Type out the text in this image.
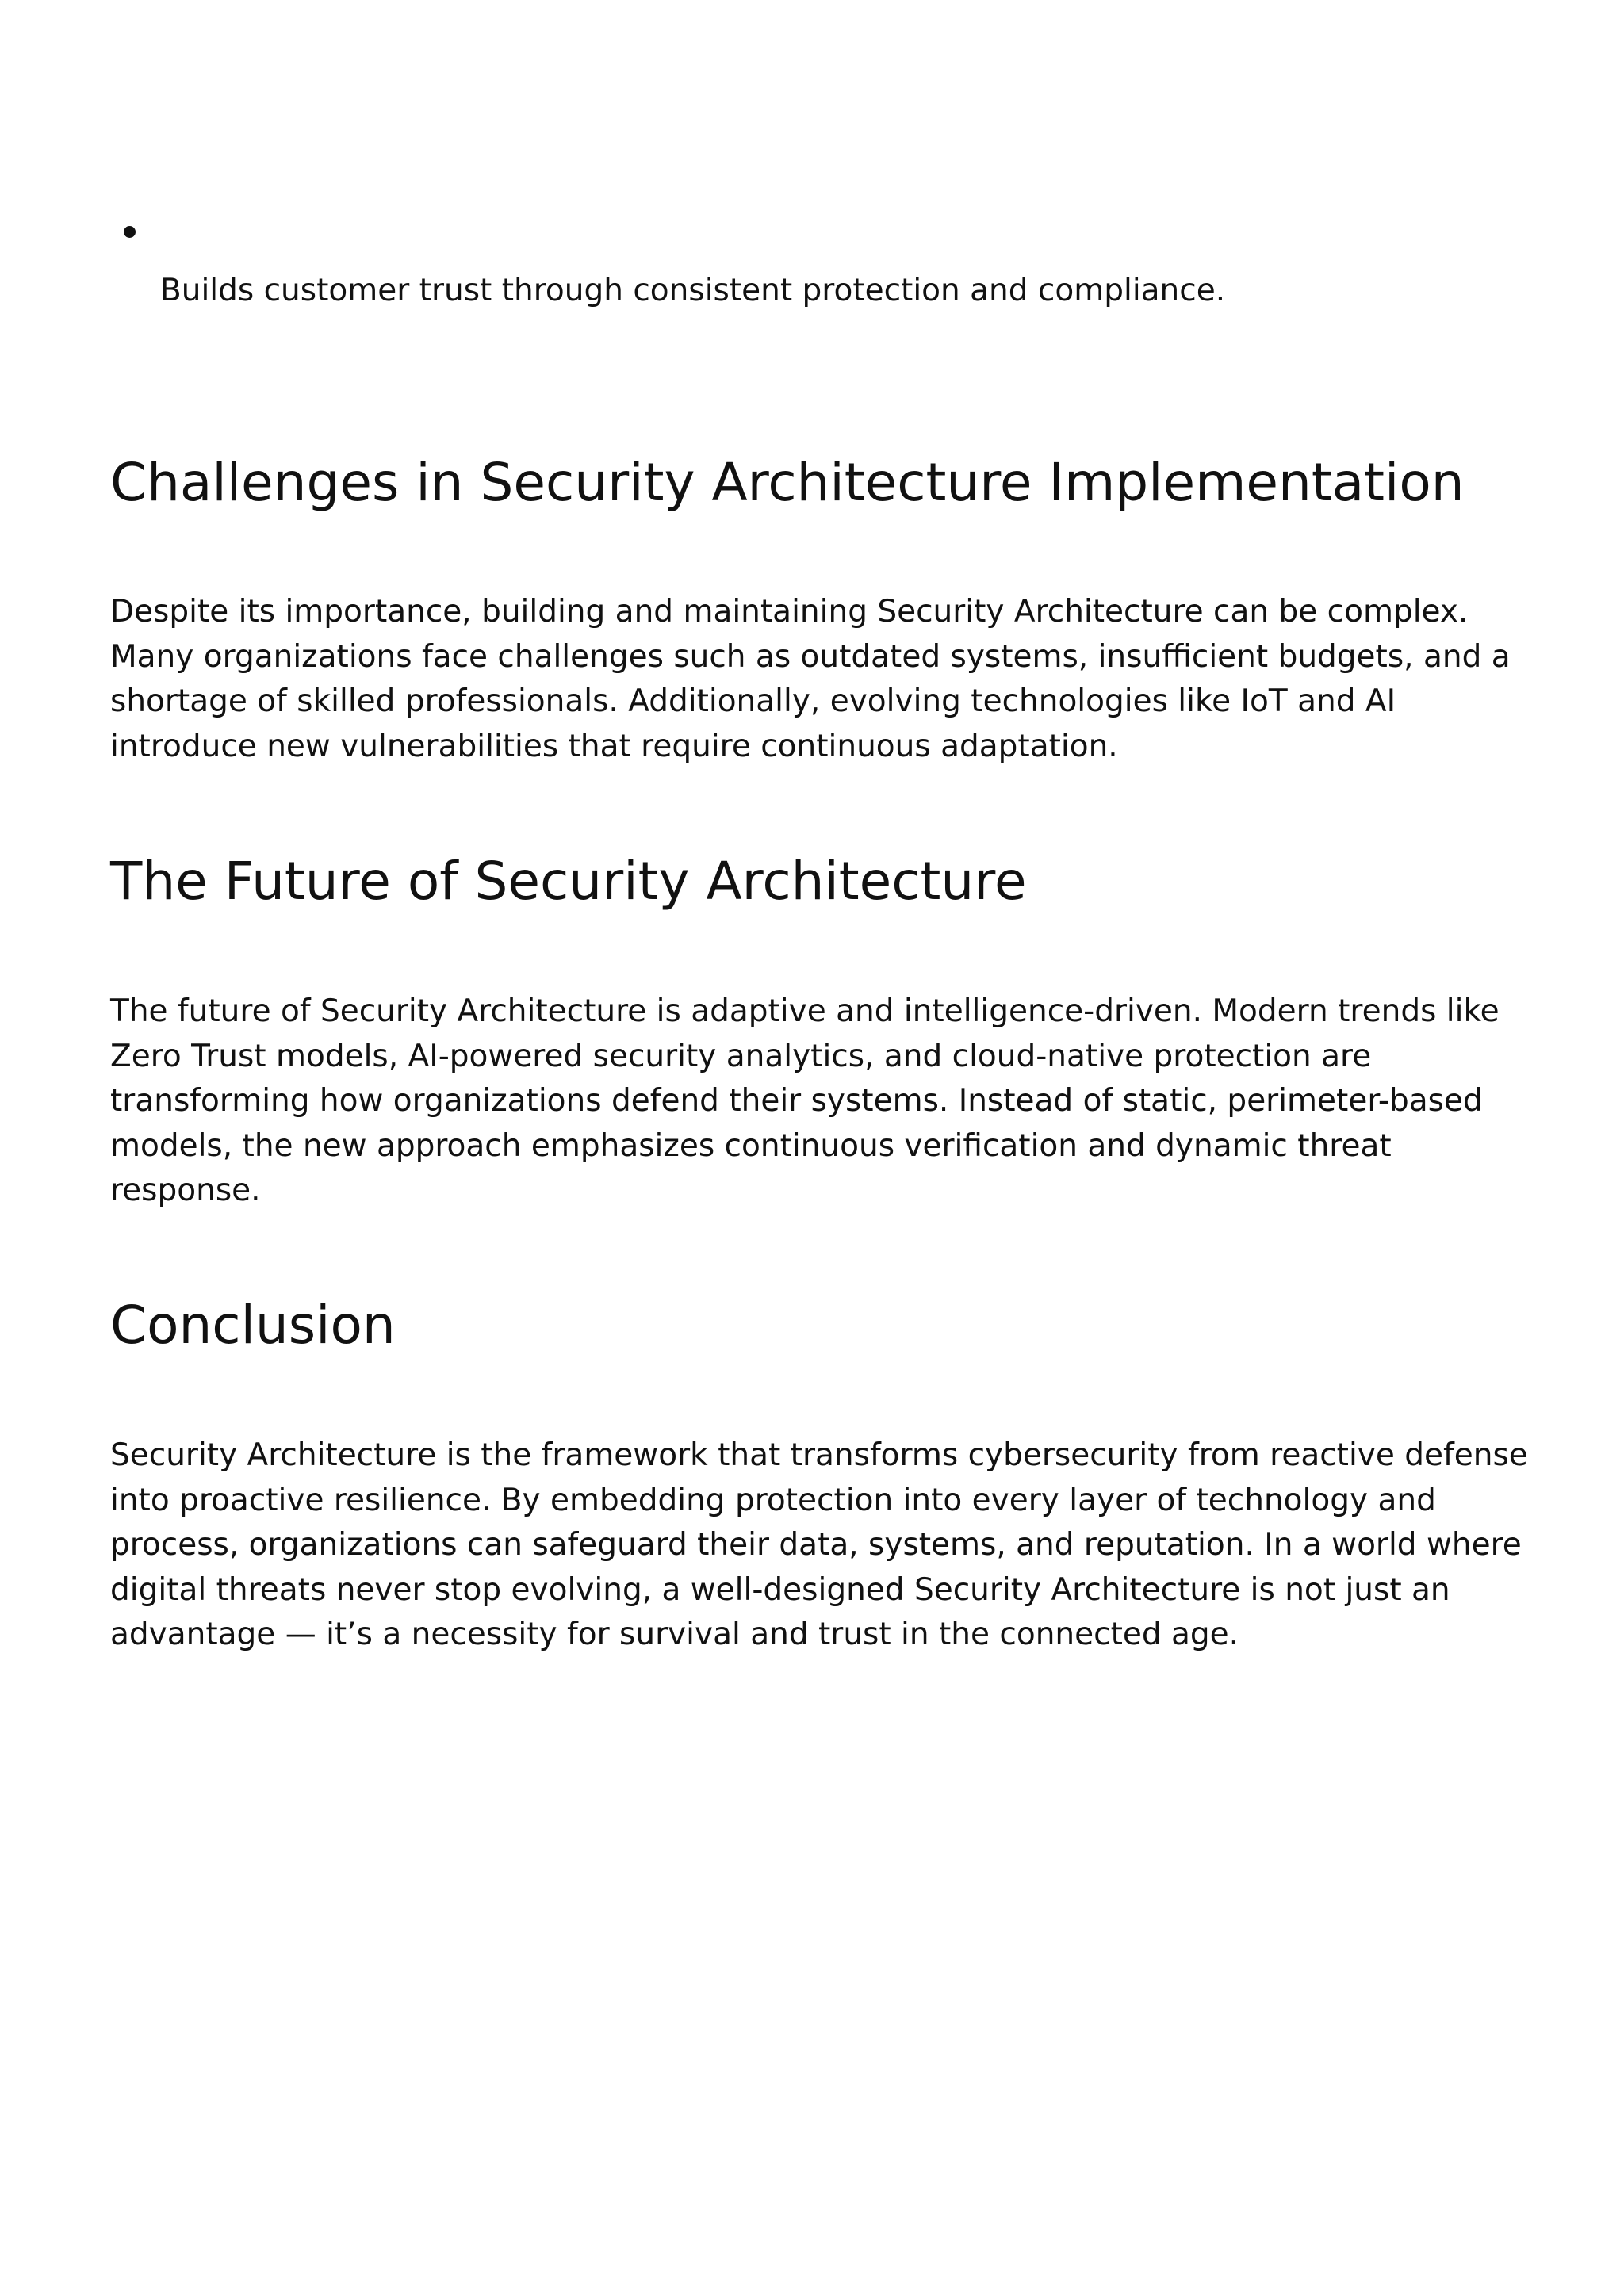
Builds customer trust through consistent protection and compliance.
Challenges in Security Architecture Implementation

Despite its importance, building and maintaining Security Architecture can be complex. Many organizations face challenges such as outdated systems, insufficient budgets, and a shortage of skilled professionals. Additionally, evolving technologies like IoT and AI introduce new vulnerabilities that require continuous adaptation.

The Future of Security Architecture

The future of Security Architecture is adaptive and intelligence-driven. Modern trends like Zero Trust models, AI-powered security analytics, and cloud-native protection are transforming how organizations defend their systems. Instead of static, perimeter-based models, the new approach emphasizes continuous verification and dynamic threat response.

Conclusion

Security Architecture is the framework that transforms cybersecurity from reactive defense into proactive resilience. By embedding protection into every layer of technology and process, organizations can safeguard their data, systems, and reputation. In a world where digital threats never stop evolving, a well-designed Security Architecture is not just an advantage — it’s a necessity for survival and trust in the connected age.
